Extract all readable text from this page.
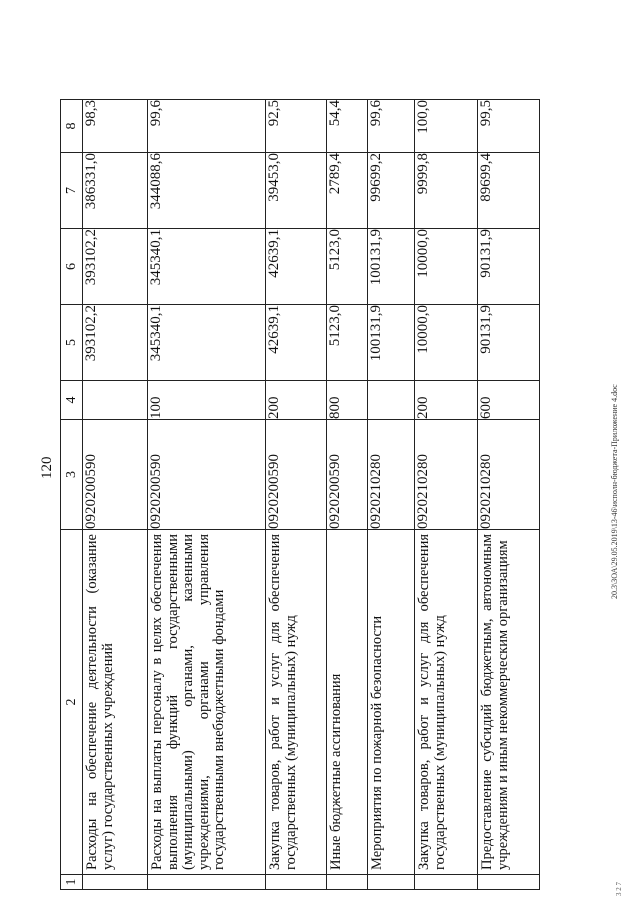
120
1	2	3	4	5	6	7	8

	Расходы на обеспечение деятельности (оказание услуг) государственных учреждений	0920200590		393102,2	393102,2	386331,0	98,3

	Расходы на выплаты персоналу в целях обеспечения выполнения функций государственными (муниципальными) органами, казенными учреждениями, органами управления государственными внебюджетными фондами	0920200590	100	345340,1	345340,1	344088,6	99,6

	Закупка товаров, работ и услуг для обеспечения государственных (муниципальных) нужд	0920200590	200	42639,1	42639,1	39453,0	92,5

	Иные бюджетные ассигнования	0920200590	800	5123,0	5123,0	2789,4	54,4

	Мероприятия по пожарной безопасности	0920210280		100131,9	100131,9	99699,2	99,6

	Закупка товаров, работ и услуг для обеспечения государственных (муниципальных) нужд	0920210280	200	10000,0	10000,0	9999,8	100,0

	Предоставление субсидий бюджетным, автономным учреждениям и иным некоммерческим организациям	0920210280	600	90131,9	90131,9	89699,4	99,5
20.3\ЗОА\29.05.2019\13-46\исполн-бюджета-Приложение 4.doc
3 2 7
